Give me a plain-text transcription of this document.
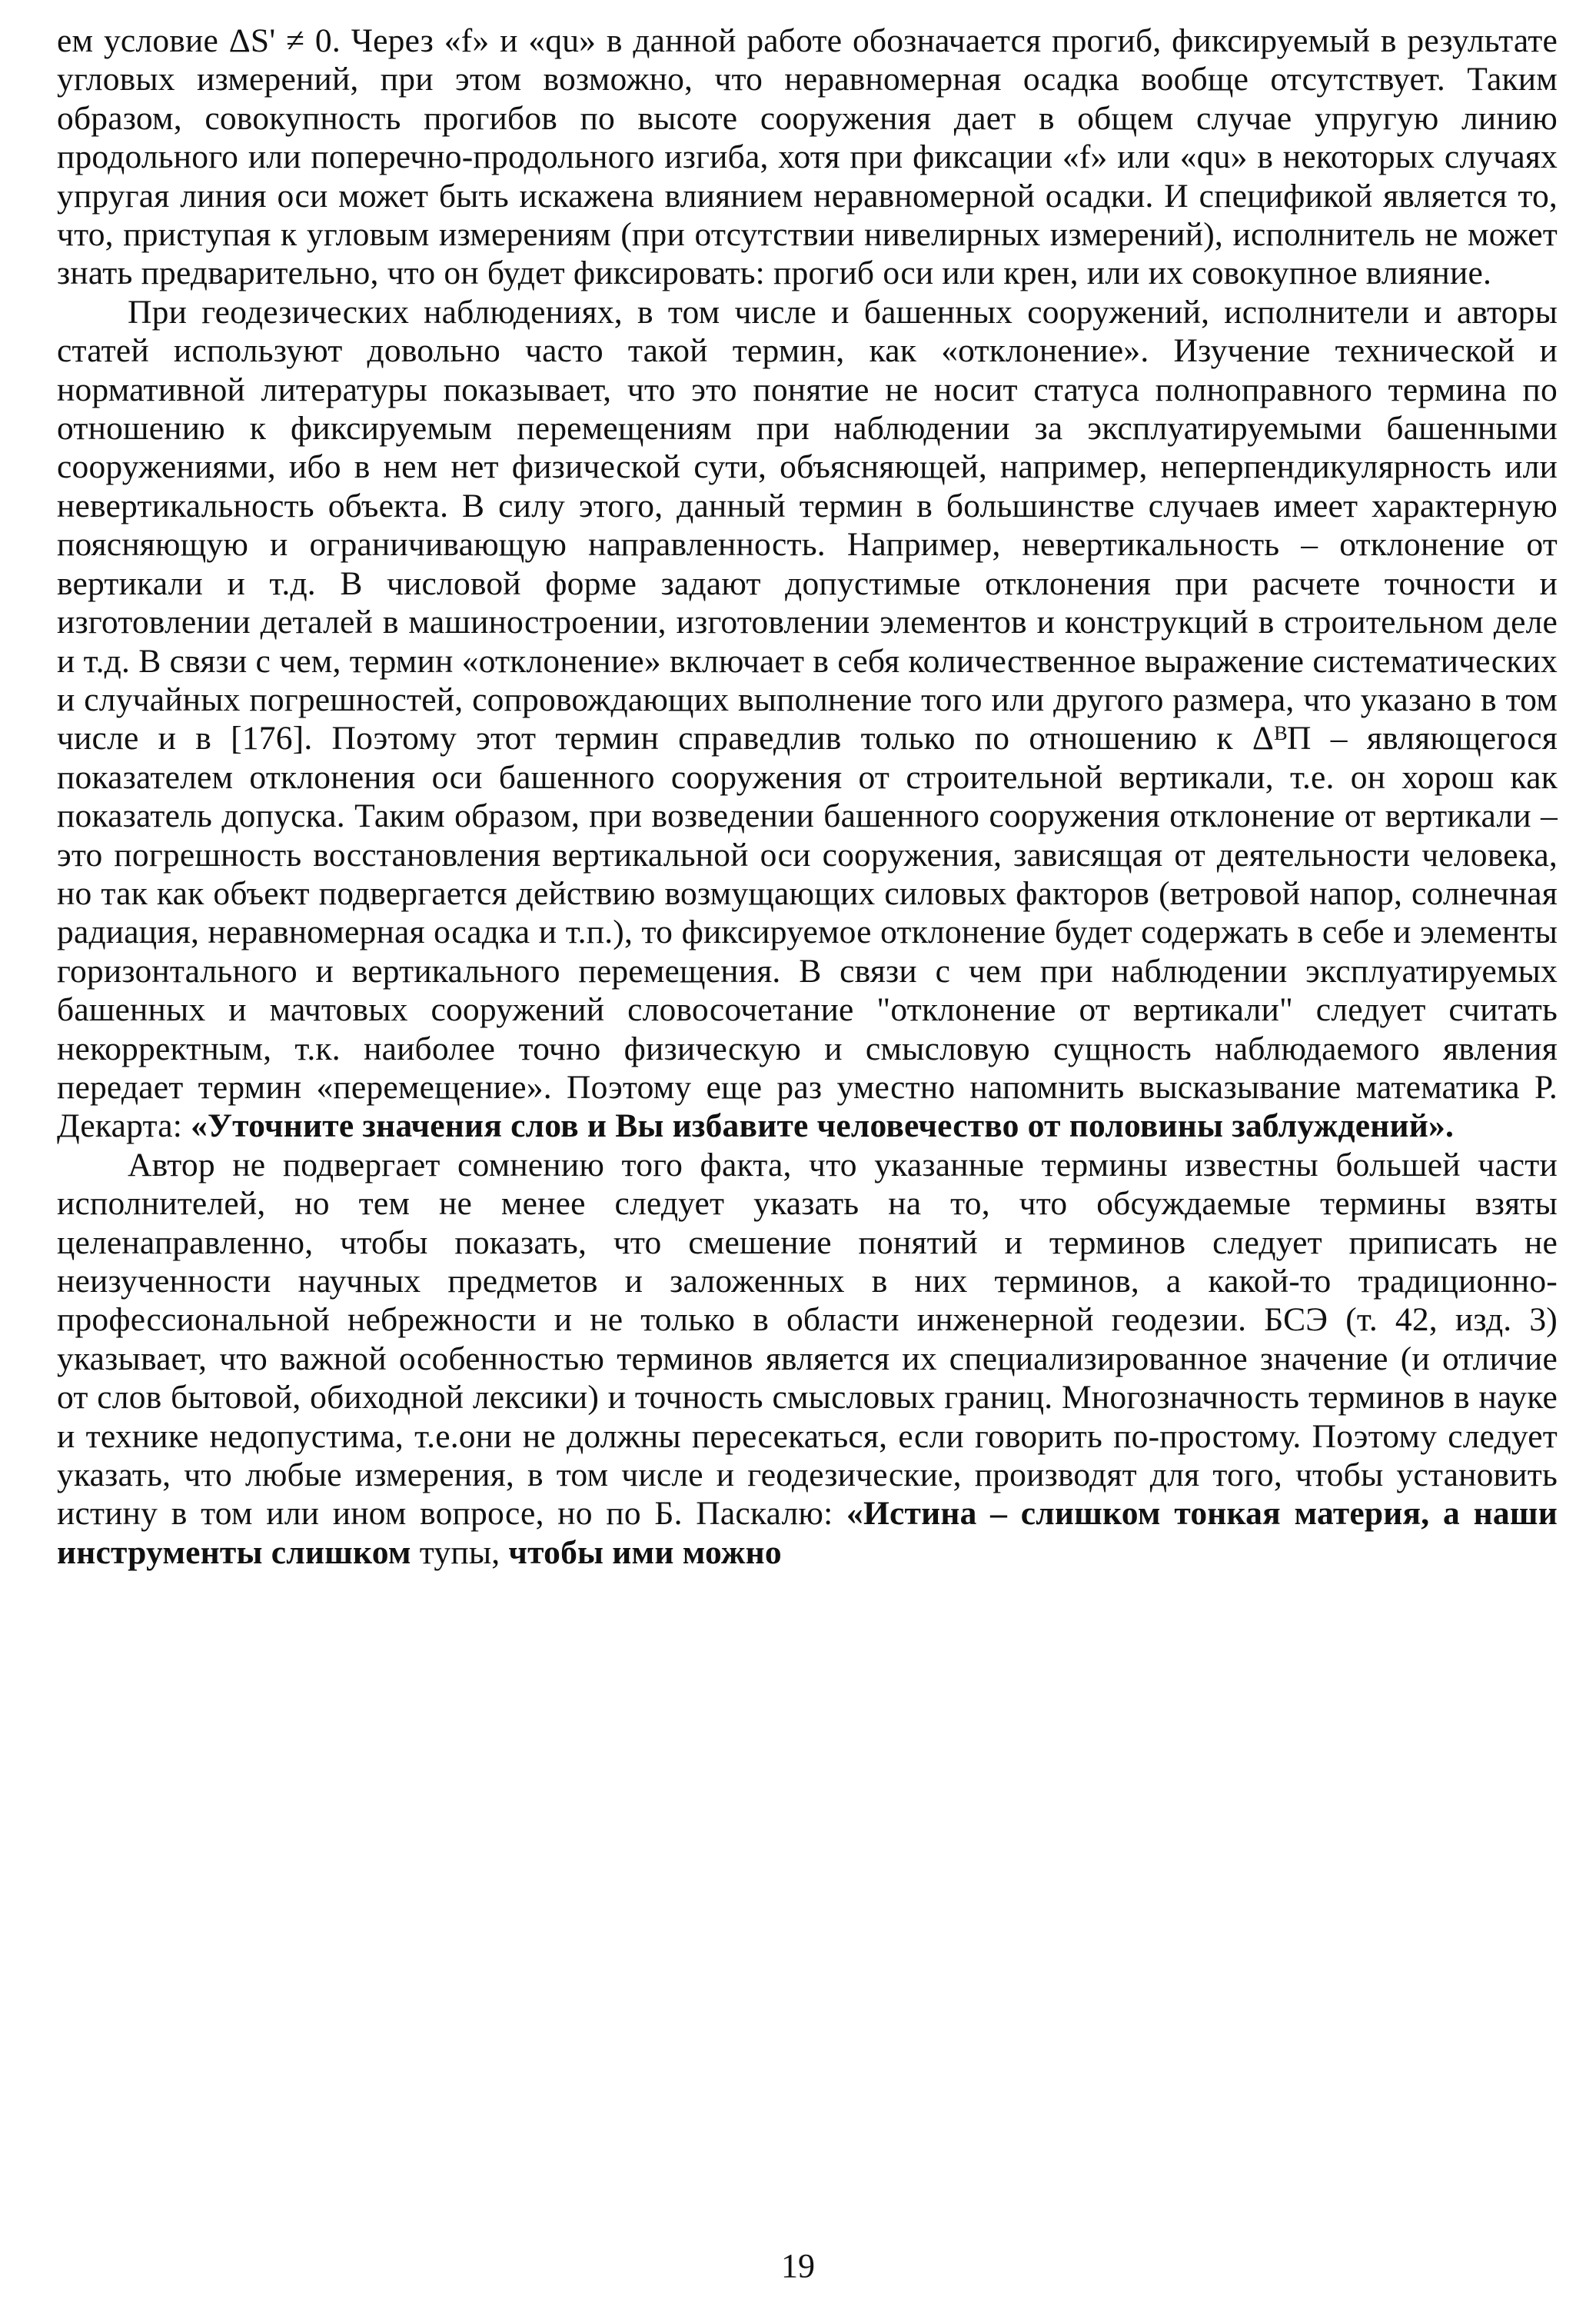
ем условие ΔS' ≠ 0. Через «f» и «qu» в данной работе обозначается прогиб, фиксируемый в результате угловых измерений, при этом возможно, что неравномерная осадка вообще отсутствует. Таким образом, совокупность прогибов по высоте сооружения дает в общем случае упругую линию продольного или поперечно-продольного изгиба, хотя при фиксации «f» или «qu» в некоторых случаях упругая линия оси может быть искажена влиянием неравномерной осадки. И спецификой является то, что, приступая к угловым измерениям (при отсутствии нивелирных измерений), исполнитель не может знать предварительно, что он будет фиксировать: прогиб оси или крен, или их совокупное влияние.

При геодезических наблюдениях, в том числе и башенных сооружений, исполнители и авторы статей используют довольно часто такой термин, как «отклонение». Изучение технической и нормативной литературы показывает, что это понятие не носит статуса полноправного термина по отношению к фиксируемым перемещениям при наблюдении за эксплуатируемыми башенными сооружениями, ибо в нем нет физической сути, объясняющей, например, неперпендикулярность или невертикальность объекта. В силу этого, данный термин в большинстве случаев имеет характерную поясняющую и ограничивающую направленность. Например, невертикальность – отклонение от вертикали и т.д. В числовой форме задают допустимые отклонения при расчете точности и изготовлении деталей в машиностроении, изготовлении элементов и конструкций в строительном деле и т.д. В связи с чем, термин «отклонение» включает в себя количественное выражение систематических и случайных погрешностей, сопровождающих выполнение того или другого размера, что указано в том числе и в [176]. Поэтому этот термин справедлив только по отношению к ΔᴮП – являющегося показателем отклонения оси башенного сооружения от строительной вертикали, т.е. он хорош как показатель допуска. Таким образом, при возведении башенного сооружения отклонение от вертикали – это погрешность восстановления вертикальной оси сооружения, зависящая от деятельности человека, но так как объект подвергается действию возмущающих силовых факторов (ветровой напор, солнечная радиация, неравномерная осадка и т.п.), то фиксируемое отклонение будет содержать в себе и элементы горизонтального и вертикального перемещения. В связи с чем при наблюдении эксплуатируемых башенных и мачтовых сооружений словосочетание "отклонение от вертикали" следует считать некорректным, т.к. наиболее точно физическую и смысловую сущность наблюдаемого явления передает термин «перемещение». Поэтому еще раз уместно напомнить высказывание математика Р. Декарта: «Уточните значения слов и Вы избавите человечество от половины заблуждений».

Автор не подвергает сомнению того факта, что указанные термины известны большей части исполнителей, но тем не менее следует указать на то, что обсуждаемые термины взяты целенаправленно, чтобы показать, что смешение понятий и терминов следует приписать не неизученности научных предметов и заложенных в них терминов, а какой-то традиционно-профессиональной небрежности и не только в области инженерной геодезии. БСЭ (т. 42, изд. 3) указывает, что важной особенностью терминов является их специализированное значение (и отличие от слов бытовой, обиходной лексики) и точность смысловых границ. Многозначность терминов в науке и технике недопустима, т.е.они не должны пересекаться, если говорить по-простому. Поэтому следует указать, что любые измерения, в том числе и геодезические, производят для того, чтобы установить истину в том или ином вопросе, но по Б. Паскалю: «Истина – слишком тонкая материя, а наши инструменты слишком тупы, чтобы ими можно

19
